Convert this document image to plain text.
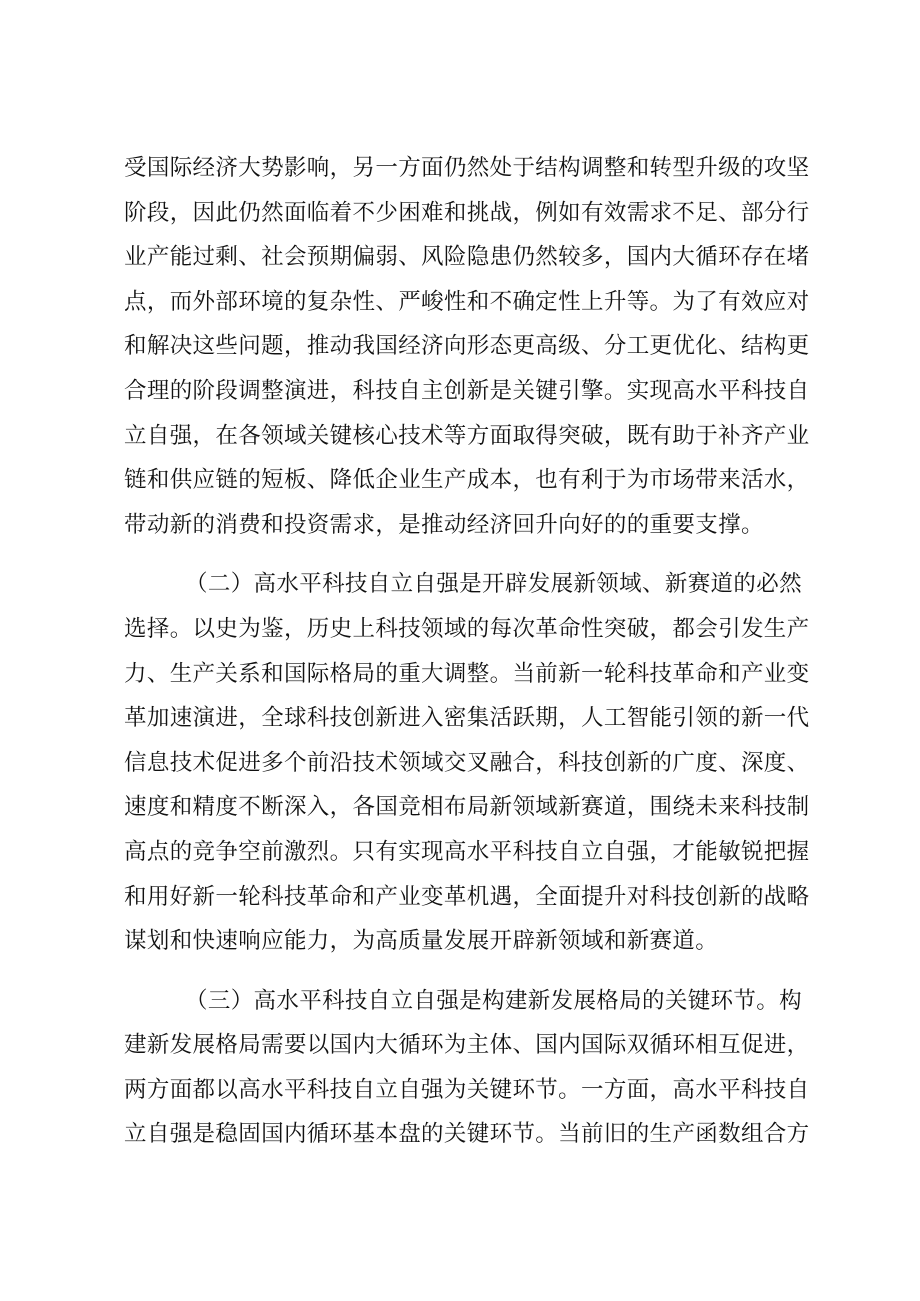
受国际经济大势影响，另一方面仍然处于结构调整和转型升级的攻坚
阶段，因此仍然面临着不少困难和挑战，例如有效需求不足、部分行
业产能过剩、社会预期偏弱、风险隐患仍然较多，国内大循环存在堵
点，而外部环境的复杂性、严峻性和不确定性上升等。为了有效应对
和解决这些问题，推动我国经济向形态更高级、分工更优化、结构更
合理的阶段调整演进，科技自主创新是关键引擎。实现高水平科技自
立自强，在各领域关键核心技术等方面取得突破，既有助于补齐产业
链和供应链的短板、降低企业生产成本，也有利于为市场带来活水，
带动新的消费和投资需求，是推动经济回升向好的的重要支撑。
（二）高水平科技自立自强是开辟发展新领域、新赛道的必然
选择。以史为鉴，历史上科技领域的每次革命性突破，都会引发生产
力、生产关系和国际格局的重大调整。当前新一轮科技革命和产业变
革加速演进，全球科技创新进入密集活跃期，人工智能引领的新一代
信息技术促进多个前沿技术领域交叉融合，科技创新的广度、深度、
速度和精度不断深入，各国竞相布局新领域新赛道，围绕未来科技制
高点的竞争空前激烈。只有实现高水平科技自立自强，才能敏锐把握
和用好新一轮科技革命和产业变革机遇，全面提升对科技创新的战略
谋划和快速响应能力，为高质量发展开辟新领域和新赛道。
（三）高水平科技自立自强是构建新发展格局的关键环节。构
建新发展格局需要以国内大循环为主体、国内国际双循环相互促进，
两方面都以高水平科技自立自强为关键环节。一方面，高水平科技自
立自强是稳固国内循环基本盘的关键环节。当前旧的生产函数组合方
